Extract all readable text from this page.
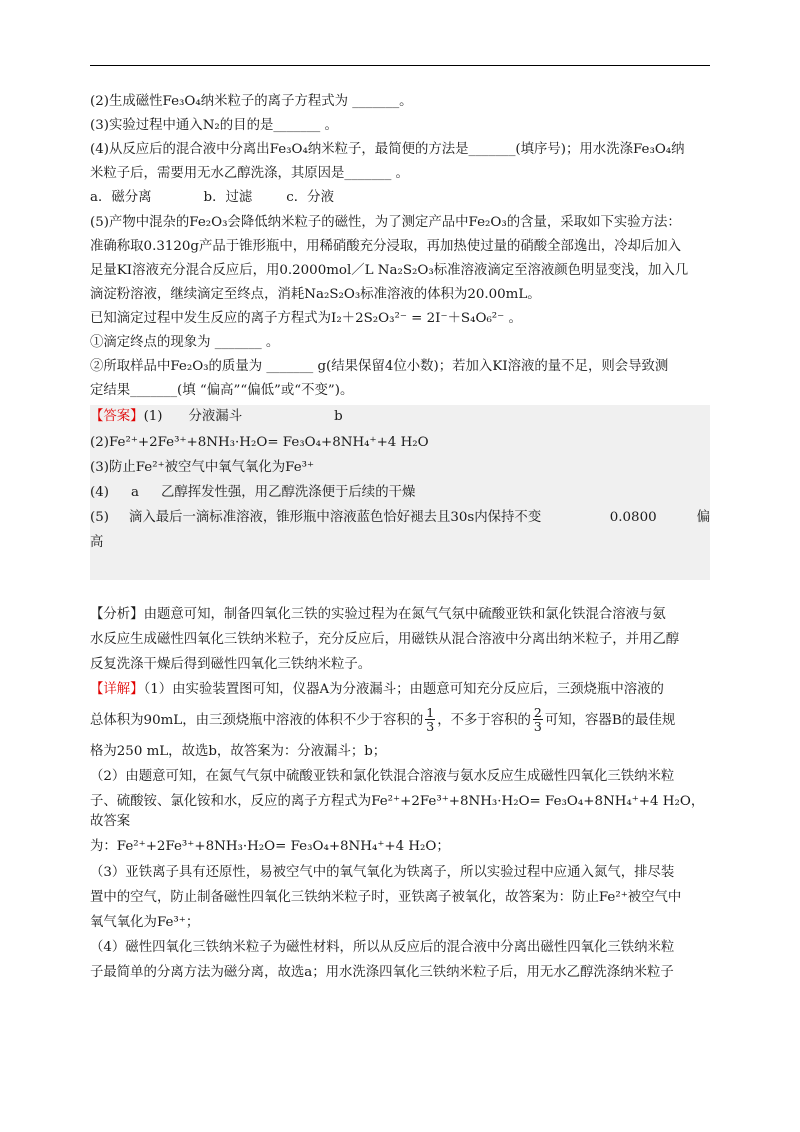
(2)生成磁性Fe₃O₄纳米粒子的离子方程式为 _______。

(3)实验过程中通入N₂的目的是_______ 。

(4)从反应后的混合液中分离出Fe₃O₄纳米粒子，最简便的方法是_______(填序号)；用水洗涤Fe₃O₄纳

米粒子后，需要用无水乙醇洗涤，其原因是_______ 。

a．磁分离	b．过滤	c．分液

(5)产物中混杂的Fe₂O₃会降低纳米粒子的磁性，为了测定产品中Fe₂O₃的含量，采取如下实验方法：

准确称取0.3120g产品于锥形瓶中，用稀硝酸充分浸取，再加热使过量的硝酸全部逸出，冷却后加入

足量KI溶液充分混合反应后，用0.2000mol／L Na₂S₂O₃标准溶液滴定至溶液颜色明显变浅，加入几

滴淀粉溶液，继续滴定至终点，消耗Na₂S₂O₃标准溶液的体积为20.00mL。

已知滴定过程中发生反应的离子方程式为I₂＋2S₂O₃²⁻ = 2I⁻＋S₄O₆²⁻ 。

①滴定终点的现象为 _______ 。

②所取样品中Fe₂O₃的质量为 _______ g(结果保留4位小数)；若加入KI溶液的量不足，则会导致测

定结果_______(填 “偏高”“偏低”或“不变”)。

【答案】(1) 分液漏斗	b

(2)Fe²⁺+2Fe³⁺+8NH₃·H₂O= Fe₃O₄+8NH₄⁺+4 H₂O

(3)防止Fe²⁺被空气中氧气氧化为Fe³⁺

(4) a 乙醇挥发性强，用乙醇洗涤便于后续的干燥

(5) 滴入最后一滴标准溶液，锥形瓶中溶液蓝色恰好褪去且30s内保持不变	0.0800	偏

高

【分析】由题意可知，制备四氧化三铁的实验过程为在氮气气氛中硫酸亚铁和氯化铁混合溶液与氨

水反应生成磁性四氧化三铁纳米粒子，充分反应后，用磁铁从混合溶液中分离出纳米粒子，并用乙醇

反复洗涤干燥后得到磁性四氧化三铁纳米粒子。

【详解】（1）由实验装置图可知，仪器A为分液漏斗；由题意可知充分反应后，三颈烧瓶中溶液的

总体积为90mL，由三颈烧瓶中溶液的体积不少于容积的 $\frac{1}{3}$ ，不多于容积的 $\frac{2}{3}$ 可知，容器B的最佳规

格为250 mL，故选b，故答案为：分液漏斗；b；

（2）由题意可知，在氮气气氛中硫酸亚铁和氯化铁混合溶液与氨水反应生成磁性四氧化三铁纳米粒

子、硫酸铵、氯化铵和水，反应的离子方程式为Fe²⁺+2Fe³⁺+8NH₃·H₂O= Fe₃O₄+8NH₄⁺+4 H₂O，故答案

为：Fe²⁺+2Fe³⁺+8NH₃·H₂O= Fe₃O₄+8NH₄⁺+4 H₂O；

（3）亚铁离子具有还原性，易被空气中的氧气氧化为铁离子，所以实验过程中应通入氮气，排尽装

置中的空气，防止制备磁性四氧化三铁纳米粒子时，亚铁离子被氧化，故答案为：防止Fe²⁺被空气中

氧气氧化为Fe³⁺；

（4）磁性四氧化三铁纳米粒子为磁性材料，所以从反应后的混合液中分离出磁性四氧化三铁纳米粒

子最简单的分离方法为磁分离，故选a；用水洗涤四氧化三铁纳米粒子后，用无水乙醇洗涤纳米粒子
